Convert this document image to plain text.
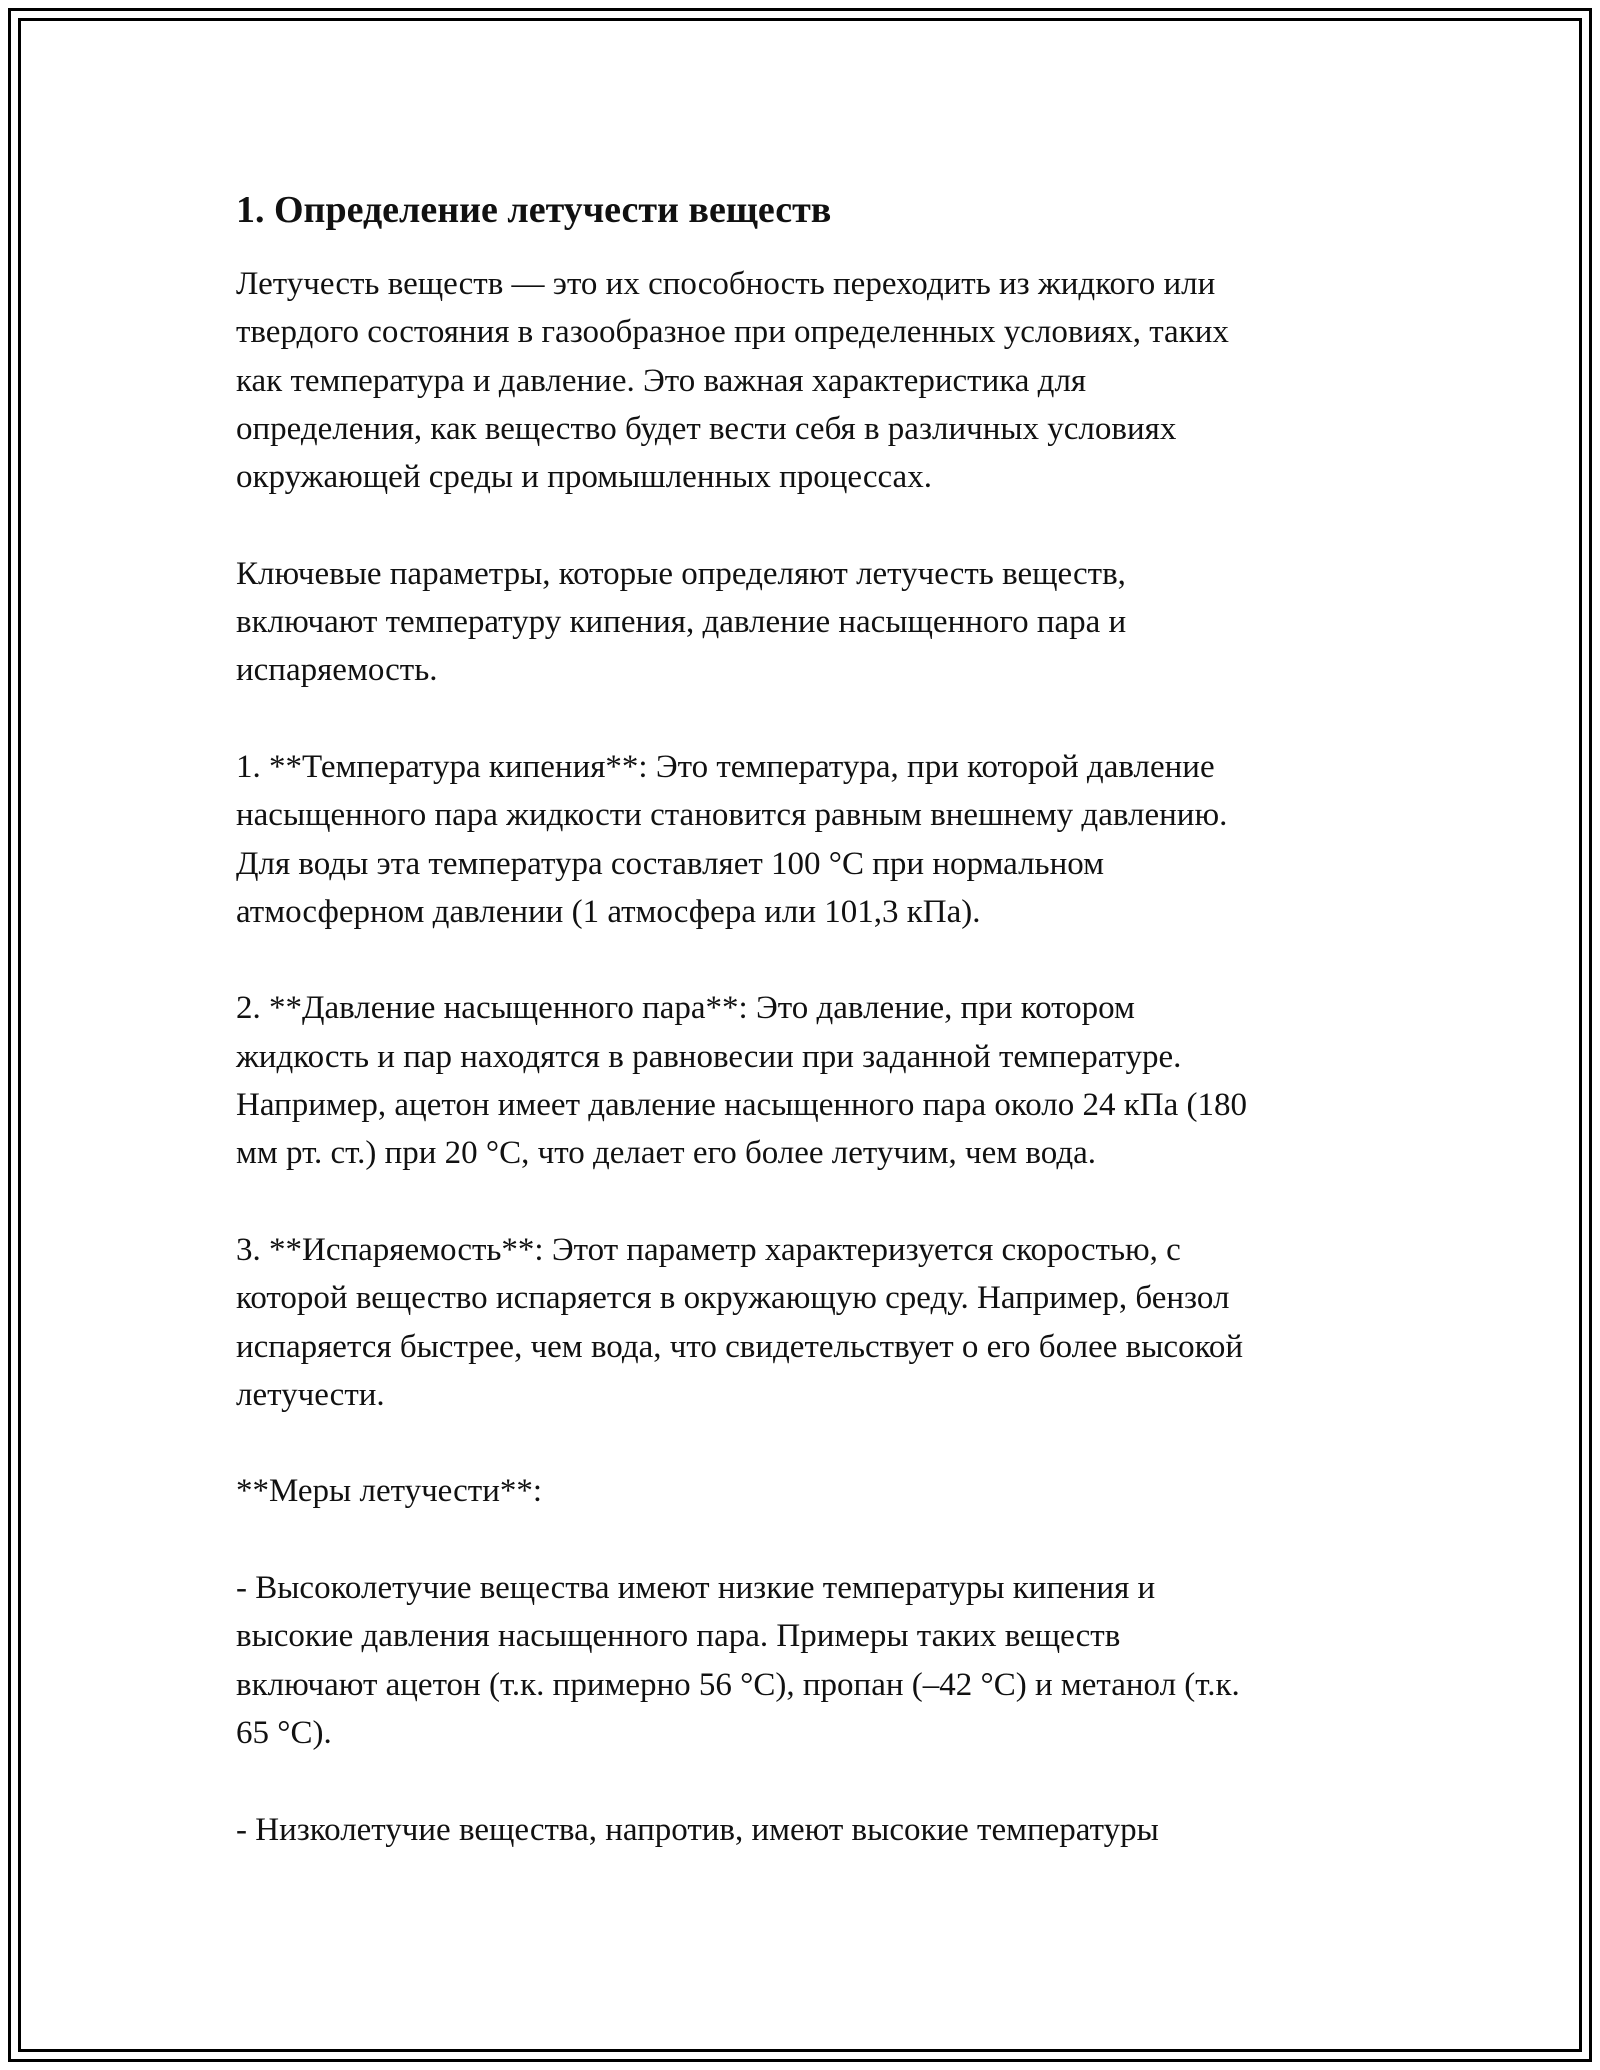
1. Определение летучести веществ

Летучесть веществ — это их способность переходить из жидкого или
твердого состояния в газообразное при определенных условиях, таких
как температура и давление. Это важная характеристика для
определения, как вещество будет вести себя в различных условиях
окружающей среды и промышленных процессах.

Ключевые параметры, которые определяют летучесть веществ,
включают температуру кипения, давление насыщенного пара и
испаряемость.

1. **Температура кипения**: Это температура, при которой давление
насыщенного пара жидкости становится равным внешнему давлению.
Для воды эта температура составляет 100 °C при нормальном
атмосферном давлении (1 атмосфера или 101,3 кПа).

2. **Давление насыщенного пара**: Это давление, при котором
жидкость и пар находятся в равновесии при заданной температуре.
Например, ацетон имеет давление насыщенного пара около 24 кПа (180
мм рт. ст.) при 20 °C, что делает его более летучим, чем вода.

3. **Испаряемость**: Этот параметр характеризуется скоростью, с
которой вещество испаряется в окружающую среду. Например, бензол
испаряется быстрее, чем вода, что свидетельствует о его более высокой
летучести.

**Меры летучести**:

- Высоколетучие вещества имеют низкие температуры кипения и
высокие давления насыщенного пара. Примеры таких веществ
включают ацетон (т.к. примерно 56 °C), пропан (–42 °C) и метанол (т.к.
65 °C).

- Низколетучие вещества, напротив, имеют высокие температуры
